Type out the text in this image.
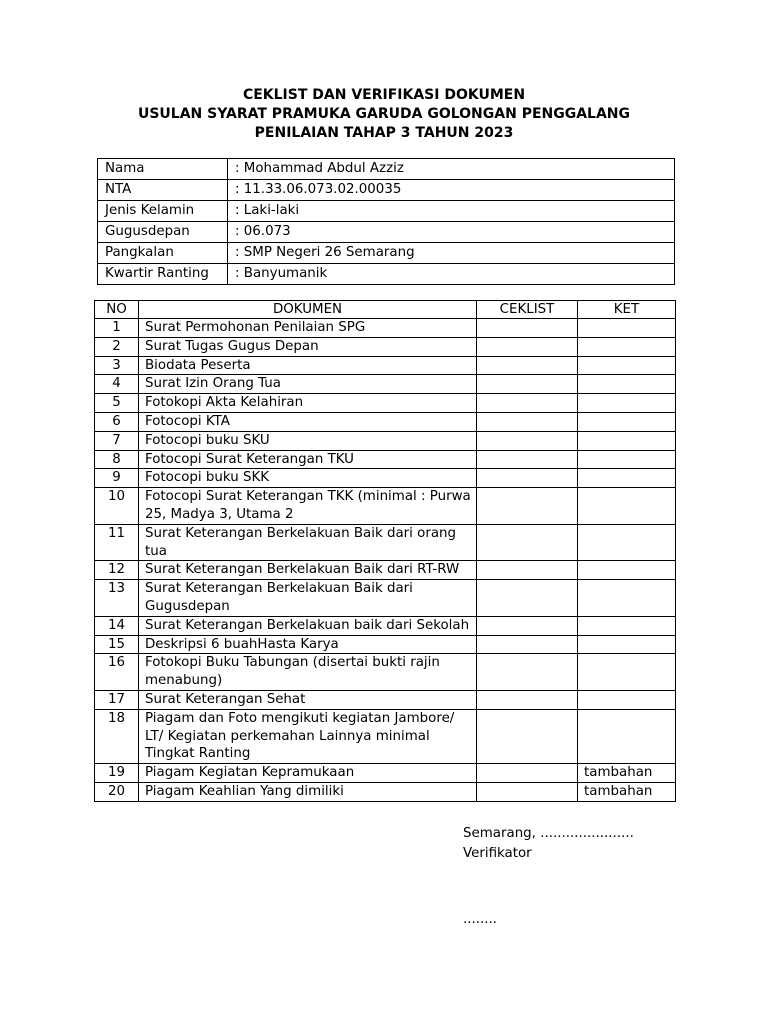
CEKLIST DAN VERIFIKASI DOKUMEN
USULAN SYARAT PRAMUKA GARUDA GOLONGAN PENGGALANG
PENILAIAN TAHAP 3 TAHUN 2023
Nama	: Mohammad Abdul Azziz
NTA	: 11.33.06.073.02.00035
Jenis Kelamin	: Laki-laki
Gugusdepan	: 06.073
Pangkalan	: SMP Negeri 26 Semarang
Kwartir Ranting	: Banyumanik
NO	DOKUMEN	CEKLIST	KET
1	Surat Permohonan Penilaian SPG		
2	Surat Tugas Gugus Depan		
3	Biodata Peserta		
4	Surat Izin Orang Tua		
5	Fotokopi Akta Kelahiran		
6	Fotocopi KTA		
7	Fotocopi buku SKU		
8	Fotocopi Surat Keterangan TKU		
9	Fotocopi buku SKK		
10	Fotocopi Surat Keterangan TKK (minimal : Purwa 25, Madya 3, Utama 2		
11	Surat Keterangan Berkelakuan Baik dari orang tua		
12	Surat Keterangan Berkelakuan Baik dari RT-RW		
13	Surat Keterangan Berkelakuan Baik dari Gugusdepan		
14	Surat Keterangan Berkelakuan baik dari Sekolah		
15	Deskripsi 6 buahHasta Karya		
16	Fotokopi Buku Tabungan (disertai bukti rajin menabung)		
17	Surat Keterangan Sehat		
18	Piagam dan Foto mengikuti kegiatan Jambore/ LT/ Kegiatan perkemahan Lainnya minimal Tingkat Ranting		
19	Piagam Kegiatan Kepramukaan		tambahan
20	Piagam Keahlian Yang dimiliki		tambahan
Semarang, ......................
Verifikator
........
